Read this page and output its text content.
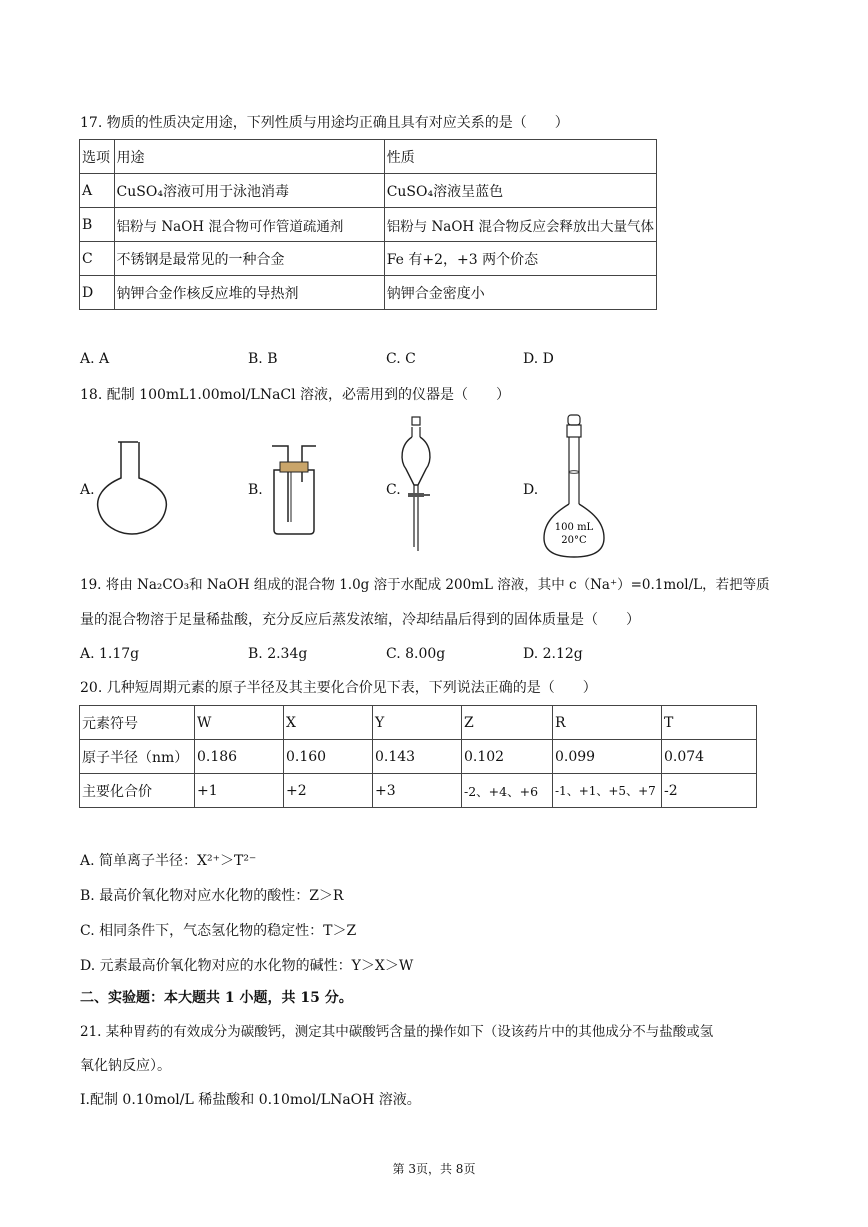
17. 物质的性质决定用途，下列性质与用途均正确且具有对应关系的是（　　）
选项	用途	性质
A	CuSO₄溶液可用于泳池消毒	CuSO₄溶液呈蓝色
B	铝粉与 NaOH 混合物可作管道疏通剂	铝粉与 NaOH 混合物反应会释放出大量气体
C	不锈钢是最常见的一种合金	Fe 有+2，+3 两个价态
D	钠钾合金作核反应堆的导热剂	钠钾合金密度小
A. A	B. B	C. C	D. D
18. 配制 100mL1.00mol/LNaCl 溶液，必需用到的仪器是（　　）
A.	B.	C.	D.
100 mL
20°C
19. 将由 Na₂CO₃和 NaOH 组成的混合物 1.0g 溶于水配成 200mL 溶液，其中 c（Na⁺）=0.1mol/L，若把等质
量的混合物溶于足量稀盐酸，充分反应后蒸发浓缩，冷却结晶后得到的固体质量是（　　）
A. 1.17g	B. 2.34g	C. 8.00g	D. 2.12g
20. 几种短周期元素的原子半径及其主要化合价见下表，下列说法正确的是（　　）
元素符号	W	X	Y	Z	R	T
原子半径（nm）	0.186	0.160	0.143	0.102	0.099	0.074
主要化合价	+1	+2	+3	-2、+4、+6	-1、+1、+5、+7	-2
A. 简单离子半径：X²⁺＞T²⁻
B. 最高价氧化物对应水化物的酸性：Z＞R
C. 相同条件下，气态氢化物的稳定性：T＞Z
D. 元素最高价氧化物对应的水化物的碱性：Y＞X＞W
二、实验题：本大题共 1 小题，共 15 分。
21. 某种胃药的有效成分为碳酸钙，测定其中碳酸钙含量的操作如下（设该药片中的其他成分不与盐酸或氢
氧化钠反应）。
Ⅰ.配制 0.10mol/L 稀盐酸和 0.10mol/LNaOH 溶液。
第 3页，共 8页
